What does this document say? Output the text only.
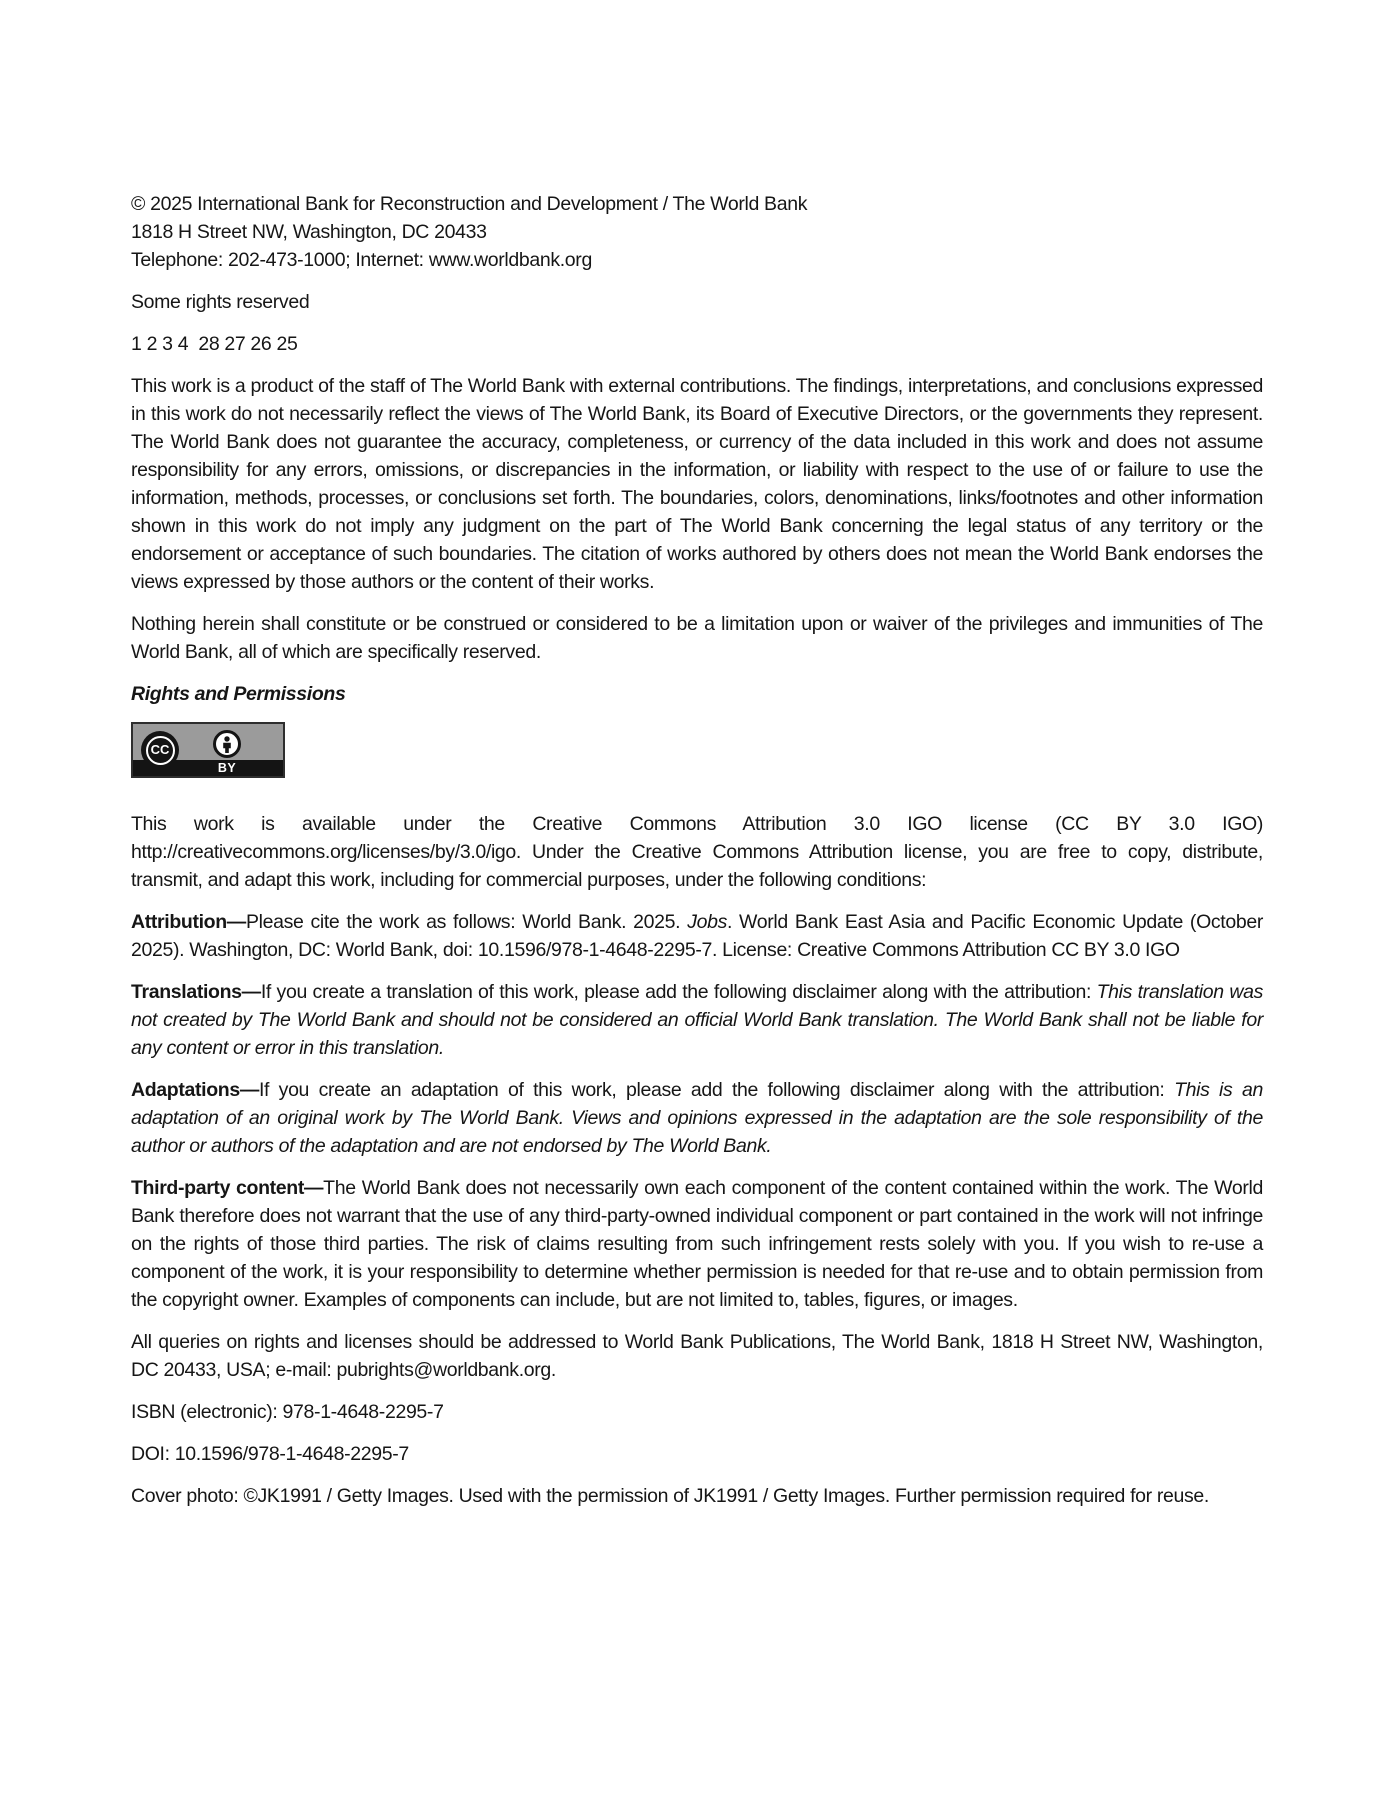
© 2025 International Bank for Reconstruction and Development / The World Bank

1818 H Street NW, Washington, DC 20433

Telephone: 202-473-1000; Internet: www.worldbank.org

Some rights reserved

1 2 3 4  28 27 26 25

This work is a product of the staff of The World Bank with external contributions. The findings, interpretations, and conclusions expressed in this work do not necessarily reflect the views of The World Bank, its Board of Executive Directors, or the governments they represent. The World Bank does not guarantee the accuracy, completeness, or currency of the data included in this work and does not assume responsibility for any errors, omissions, or discrepancies in the information, or liability with respect to the use of or failure to use the information, methods, processes, or conclusions set forth. The boundaries, colors, denominations, links/footnotes and other information shown in this work do not imply any judgment on the part of The World Bank concerning the legal status of any territory or the endorsement or acceptance of such boundaries. The citation of works authored by others does not mean the World Bank endorses the views expressed by those authors or the content of their works.

Nothing herein shall constitute or be construed or considered to be a limitation upon or waiver of the privileges and immunities of The World Bank, all of which are specifically reserved.

Rights and Permissions

CC
BY

This work is available under the Creative Commons Attribution 3.0 IGO license (CC BY 3.0 IGO) http://creativecommons.org/licenses/by/3.0/igo. Under the Creative Commons Attribution license, you are free to copy, distribute, transmit, and adapt this work, including for commercial purposes, under the following conditions:

Attribution—Please cite the work as follows: World Bank. 2025. Jobs. World Bank East Asia and Pacific Economic Update (October 2025). Washington, DC: World Bank, doi: 10.1596/978-1-4648-2295-7. License: Creative Commons Attribution CC BY 3.0 IGO

Translations—If you create a translation of this work, please add the following disclaimer along with the attribution: This translation was not created by The World Bank and should not be considered an official World Bank translation. The World Bank shall not be liable for any content or error in this translation.

Adaptations—If you create an adaptation of this work, please add the following disclaimer along with the attribution: This is an adaptation of an original work by The World Bank. Views and opinions expressed in the adaptation are the sole responsibility of the author or authors of the adaptation and are not endorsed by The World Bank.

Third-party content—The World Bank does not necessarily own each component of the content contained within the work. The World Bank therefore does not warrant that the use of any third-party-owned individual component or part contained in the work will not infringe on the rights of those third parties. The risk of claims resulting from such infringement rests solely with you. If you wish to re-use a component of the work, it is your responsibility to determine whether permission is needed for that re-use and to obtain permission from the copyright owner. Examples of components can include, but are not limited to, tables, figures, or images.

All queries on rights and licenses should be addressed to World Bank Publications, The World Bank, 1818 H Street NW, Washington, DC 20433, USA; e-mail: pubrights@worldbank.org.

ISBN (electronic): 978-1-4648-2295-7

DOI: 10.1596/978-1-4648-2295-7

Cover photo: ©JK1991 / Getty Images. Used with the permission of JK1991 / Getty Images. Further permission required for reuse.
